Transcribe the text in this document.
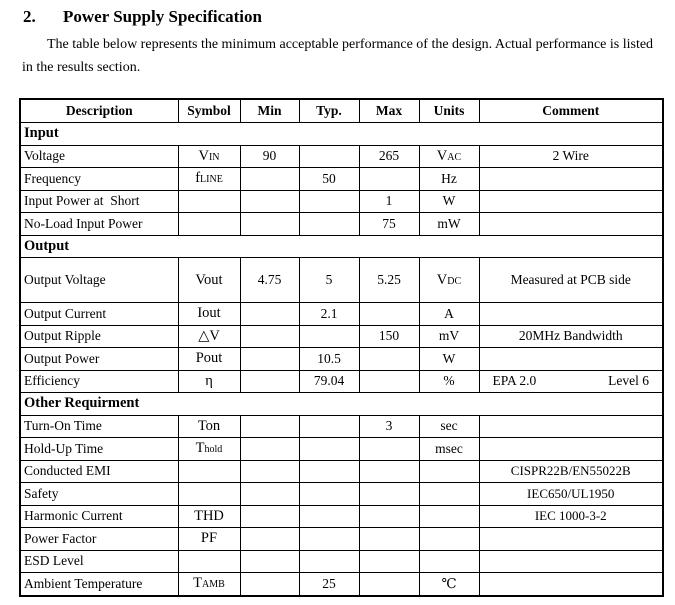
2. Power Supply Specification
The table below represents the minimum acceptable performance of the design. Actual performance is listed in the results section.
Description	Symbol	Min	Typ.	Max	Units	Comment
Input						
Voltage	VIN	90		265	VAC	2 Wire
Frequency	fLINE		50		Hz	
Input Power at  Short				1	W	
No-Load Input Power				75	mW	
Output						
Output Voltage	Vout	4.75	5	5.25	VDC	Measured at PCB side
Output Current	Iout		2.1		A	
Output Ripple	△V			150	mV	20MHz Bandwidth
Output Power	Pout		10.5		W	
Efficiency	η		79.04		%	EPA 2.0 Level 6

Other Requirment						
Turn-On Time	Ton			3	sec	
Hold-Up Time	Thold				msec	
Conducted EMI						CISPR22B/EN55022B
Safety						IEC650/UL1950
Harmonic Current	THD					IEC 1000-3-2
Power Factor	PF					
ESD Level						
Ambient Temperature	TAMB		25		℃	
